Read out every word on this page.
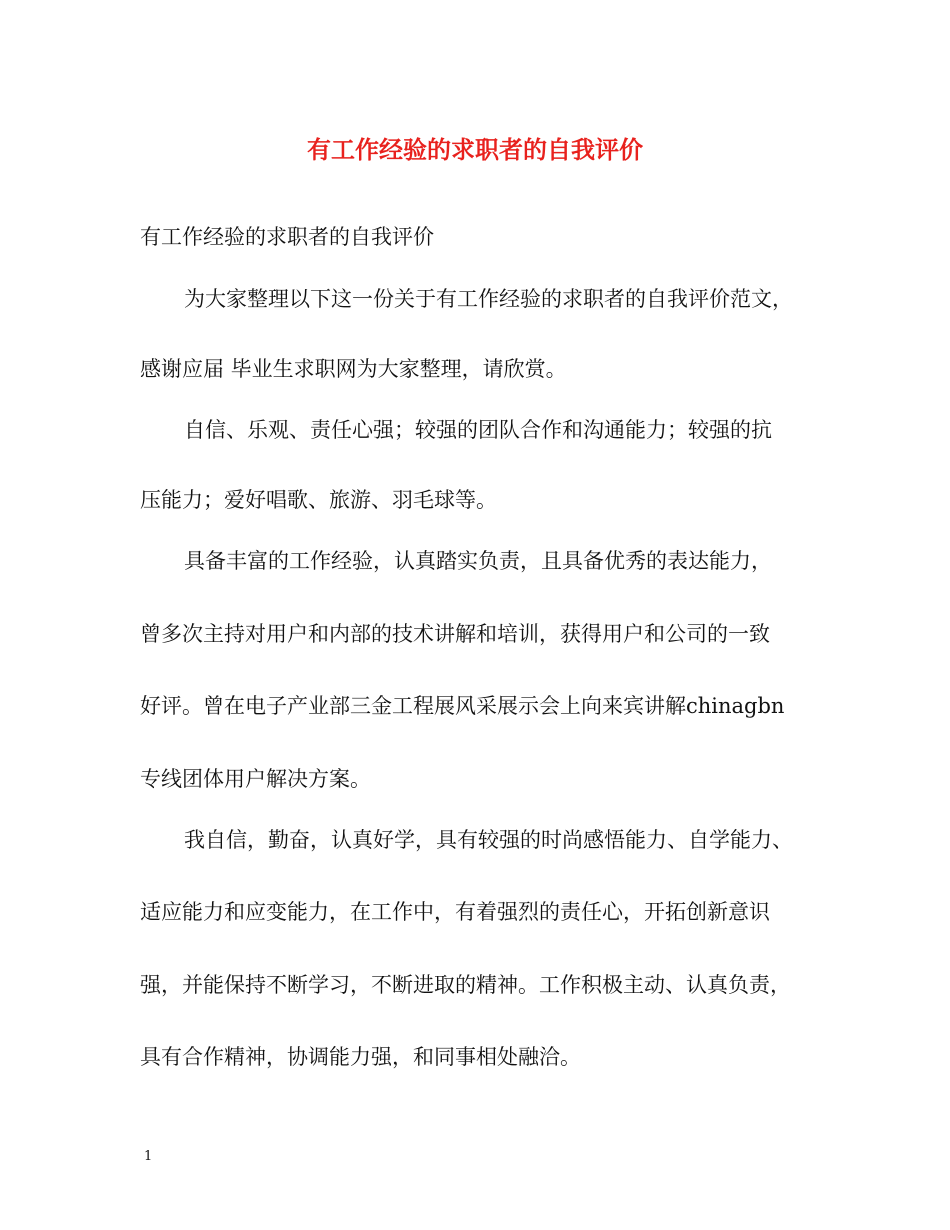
有工作经验的求职者的自我评价
有工作经验的求职者的自我评价
为大家整理以下这一份关于有工作经验的求职者的自我评价范文，
感谢应届 毕业生求职网为大家整理，请欣赏。
自信、乐观、责任心强；较强的团队合作和沟通能力；较强的抗
压能力；爱好唱歌、旅游、羽毛球等。
具备丰富的工作经验，认真踏实负责，且具备优秀的表达能力，
曾多次主持对用户和内部的技术讲解和培训，获得用户和公司的一致
好评。曾在电子产业部三金工程展风采展示会上向来宾讲解chinagbn
专线团体用户解决方案。
我自信，勤奋，认真好学，具有较强的时尚感悟能力、自学能力、
适应能力和应变能力，在工作中，有着强烈的责任心，开拓创新意识
强，并能保持不断学习，不断进取的精神。工作积极主动、认真负责，
具有合作精神，协调能力强，和同事相处融洽。
1
